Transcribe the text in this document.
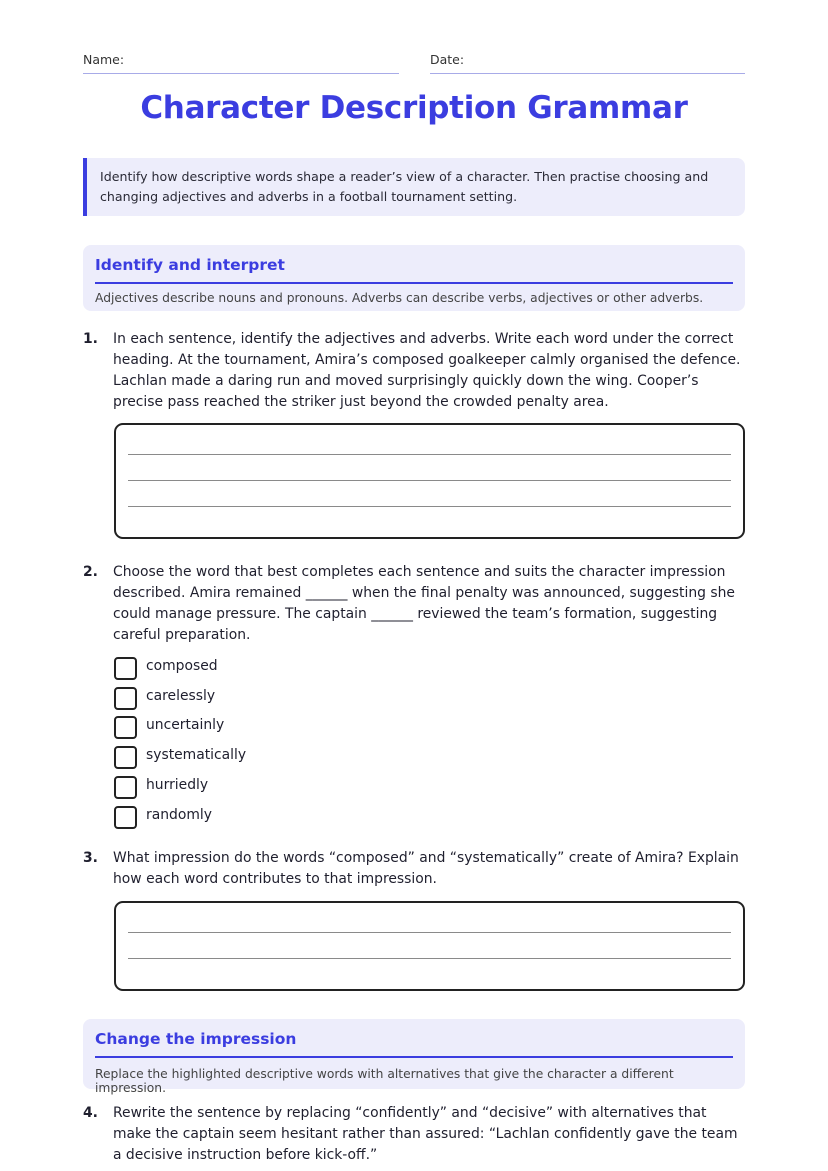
Name:	Date:
Character Description Grammar
Identify how descriptive words shape a reader’s view of a character. Then practise choosing and changing adjectives and adverbs in a football tournament setting.
Identify and interpret
Adjectives describe nouns and pronouns. Adverbs can describe verbs, adjectives or other adverbs.
1. In each sentence, identify the adjectives and adverbs. Write each word under the correct heading. At the tournament, Amira’s composed goalkeeper calmly organised the defence. Lachlan made a daring run and moved surprisingly quickly down the wing. Cooper’s precise pass reached the striker just beyond the crowded penalty area.
2. Choose the word that best completes each sentence and suits the character impression described. Amira remained ______ when the final penalty was announced, suggesting she could manage pressure. The captain ______ reviewed the team’s formation, suggesting careful preparation.
composed
carelessly
uncertainly
systematically
hurriedly
randomly
3. What impression do the words “composed” and “systematically” create of Amira? Explain how each word contributes to that impression.
Change the impression
Replace the highlighted descriptive words with alternatives that give the character a different impression.
4. Rewrite the sentence by replacing “confidently” and “decisive” with alternatives that make the captain seem hesitant rather than assured: “Lachlan confidently gave the team a decisive instruction before kick-off.”
